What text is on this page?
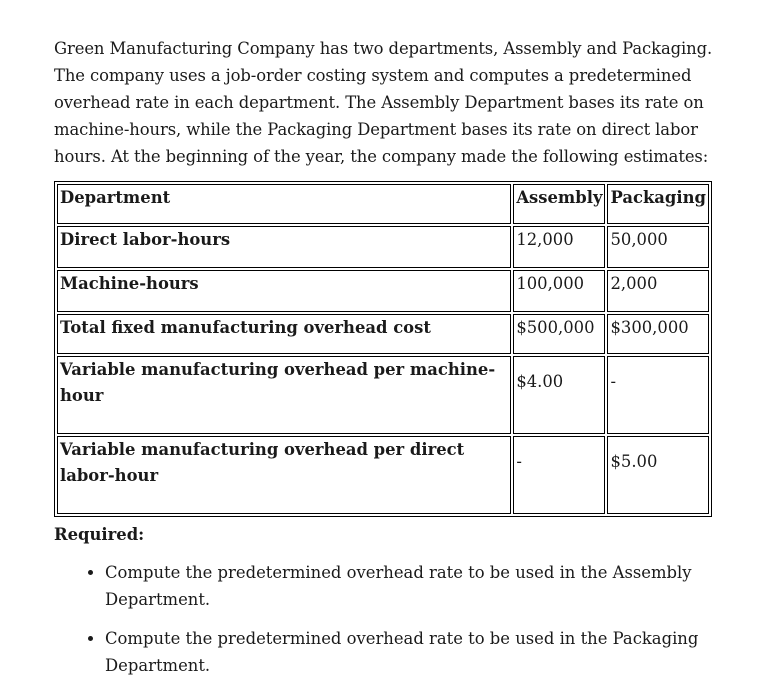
Green Manufacturing Company has two departments, Assembly and Packaging. The company uses a job-order costing system and computes a predetermined overhead rate in each department. The Assembly Department bases its rate on machine-hours, while the Packaging Department bases its rate on direct labor hours. At the beginning of the year, the company made the following estimates:

Department	Assembly	Packaging
Direct labor-hours	12,000	50,000
Machine-hours	100,000	2,000
Total fixed manufacturing overhead cost	$500,000	$300,000
Variable manufacturing overhead per machine-hour	$4.00	-
Variable manufacturing overhead per direct labor-hour	-	$5.00

Required:

• Compute the predetermined overhead rate to be used in the Assembly Department.
• Compute the predetermined overhead rate to be used in the Packaging Department.
